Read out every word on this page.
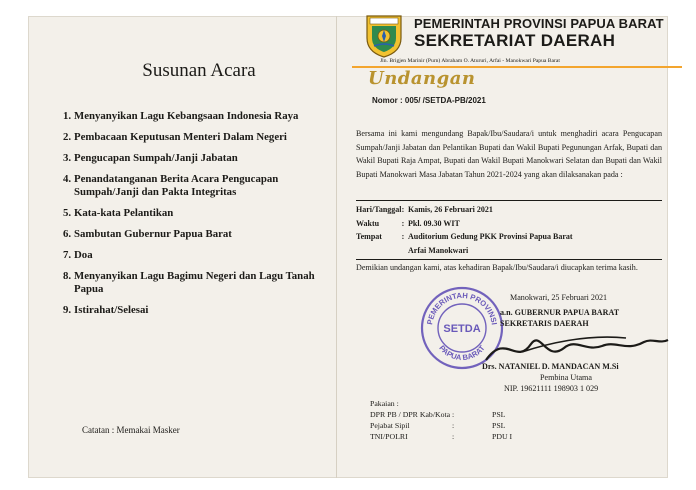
Susunan Acara
1. Menyanyikan Lagu Kebangsaan Indonesia Raya
2. Pembacaan Keputusan Menteri Dalam Negeri
3. Pengucapan Sumpah/Janji Jabatan
4. Penandatanganan Berita Acara Pengucapan Sumpah/Janji dan Pakta Integritas
5. Kata-kata Pelantikan
6. Sambutan Gubernur Papua Barat
7. Doa
8. Menyanyikan Lagu Bagimu Negeri dan Lagu Tanah Papua
9. Istirahat/Selesai
Catatan : Memakai Masker
PEMERINTAH PROVINSI PAPUA BARAT
SEKRETARIAT DAERAH
Jln. Brigjen Marinir (Purn) Abraham O. Atururi, Arfai - Manokwari Papua Barat
Undangan
Nomor : 005/ /SETDA-PB/2021
Bersama ini kami mengundang Bapak/Ibu/Saudara/i untuk menghadiri acara Pengucapan Sumpah/Janji Jabatan dan Pelantikan Bupati dan Wakil Bupati Pegunungan Arfak, Bupati dan Wakil Bupati Raja Ampat, Bupati dan Wakil Bupati Manokwari Selatan dan Bupati dan Wakil Bupati Manokwari Masa Jabatan Tahun 2021-2024 yang akan dilaksanakan pada :
Hari/Tanggal : Kamis, 26 Februari 2021
Waktu	: Pkl. 09.30 WIT
Tempat	: Auditorium Gedung PKK Provinsi Papua Barat
Arfai Manokwari
Demikian undangan kami, atas kehadiran Bapak/Ibu/Saudara/i diucapkan terima kasih.
PEMERINTAH PROVINSI
PAPUA BARAT
SETDA
Manokwari, 25 Februari 2021
a.n. GUBERNUR PAPUA BARAT
SEKRETARIS DAERAH
Drs. NATANIEL D. MANDACAN M.Si
Pembina Utama
NIP. 19621111 198903 1 029
Pakaian :
DPR PB / DPR Kab/Kota :	PSL
Pejabat Sipil	:	PSL
TNI/POLRI	:	PDU I
